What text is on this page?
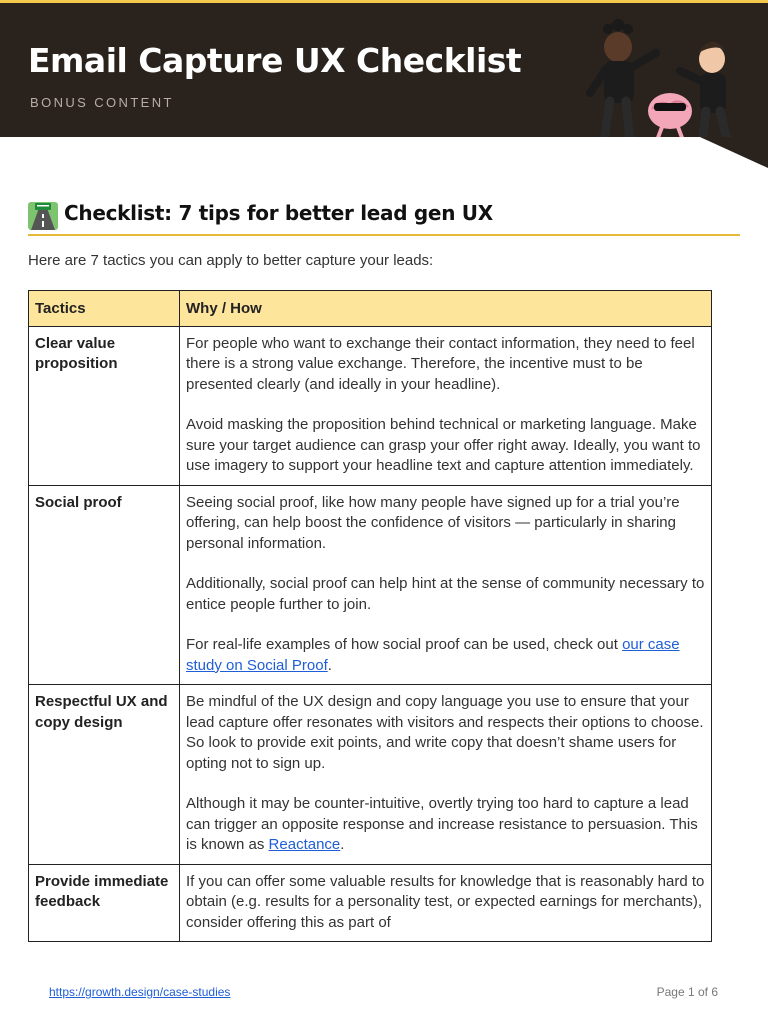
Email Capture UX Checklist
BONUS CONTENT
Checklist: 7 tips for better lead gen UX
Here are 7 tactics you can apply to better capture your leads:
Tactics	Why / How
Clear value proposition	For people who want to exchange their contact information, they need to feel there is a strong value exchange. Therefore, the incentive must to be presented clearly (and ideally in your headline).

Avoid masking the proposition behind technical or marketing language. Make sure your target audience can grasp your offer right away. Ideally, you want to use imagery to support your headline text and capture attention immediately.

Social proof	Seeing social proof, like how many people have signed up for a trial you’re offering, can help boost the confidence of visitors — particularly in sharing personal information.

Additionally, social proof can help hint at the sense of community necessary to entice people further to join.

For real-life examples of how social proof can be used, check out our case study on Social Proof.

Respectful UX and copy design	Be mindful of the UX design and copy language you use to ensure that your lead capture offer resonates with visitors and respects their options to choose. So look to provide exit points, and write copy that doesn’t shame users for opting not to sign up.

Although it may be counter-intuitive, overtly trying too hard to capture a lead can trigger an opposite response and increase resistance to persuasion. This is known as Reactance.

Provide immediate feedback	If you can offer some valuable results for knowledge that is reasonably hard to obtain (e.g. results for a personality test, or expected earnings for merchants), consider offering this as part of

https://growth.design/case-studies	Page 1 of 6
